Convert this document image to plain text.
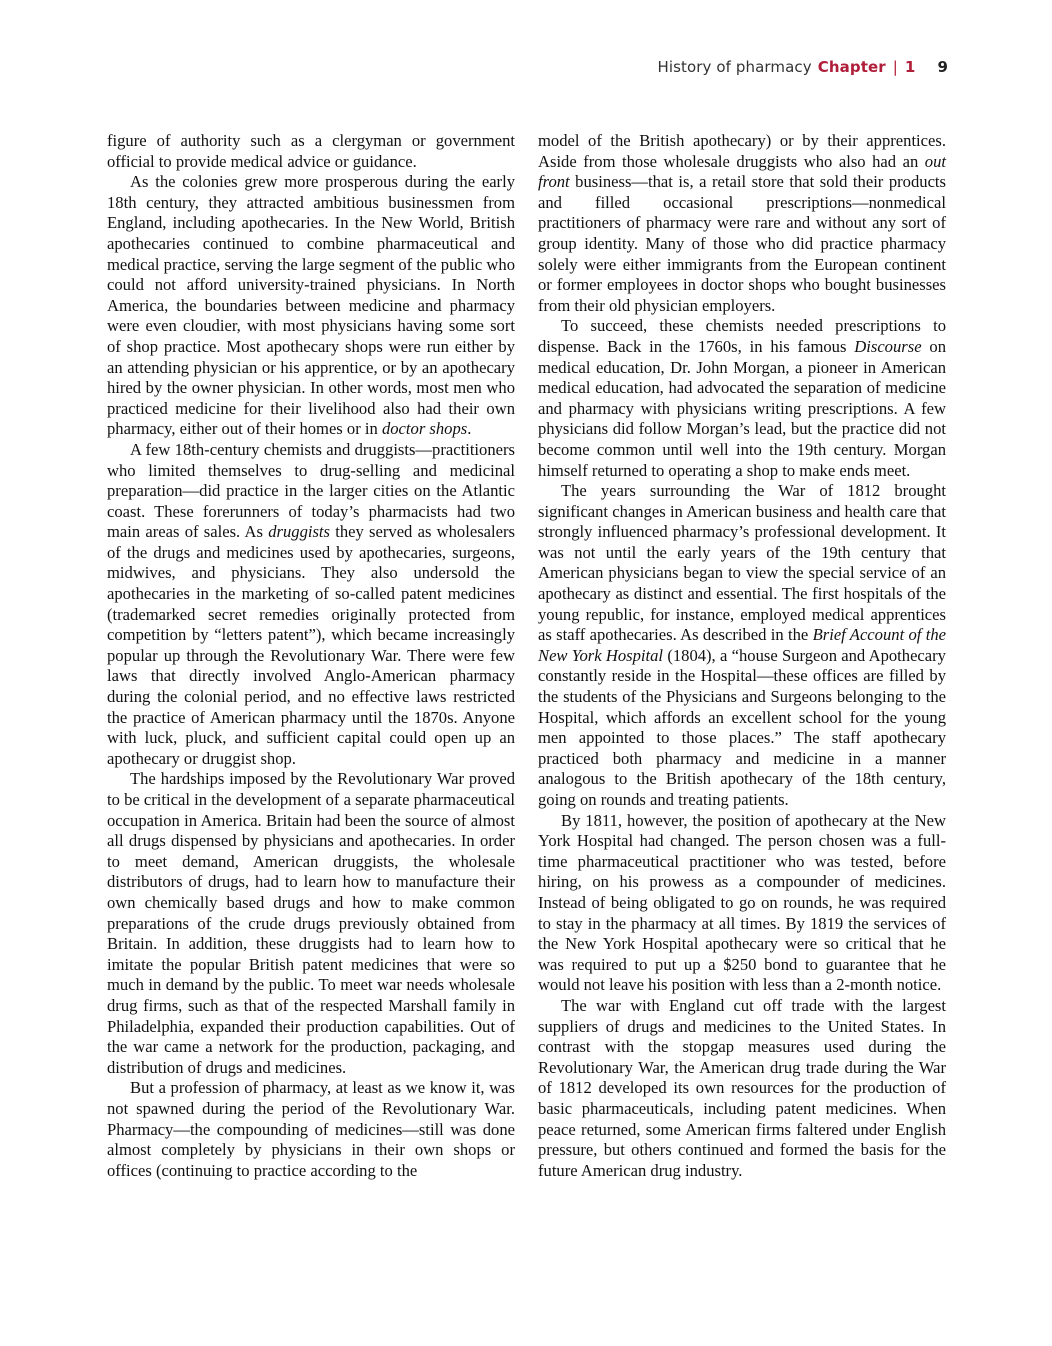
History of pharmacy Chapter | 1 9

figure of authority such as a clergyman or government official to provide medical advice or guidance.

As the colonies grew more prosperous during the early 18th century, they attracted ambitious businessmen from England, including apothecaries. In the New World, British apothecaries continued to combine pharmaceutical and medical practice, serving the large segment of the public who could not afford university-trained physicians. In North America, the boundaries between medicine and pharmacy were even cloudier, with most physicians having some sort of shop practice. Most apothecary shops were run either by an attending physician or his apprentice, or by an apothecary hired by the owner physician. In other words, most men who practiced medicine for their livelihood also had their own pharmacy, either out of their homes or in doctor shops.

A few 18th-century chemists and druggists—practitioners who limited themselves to drug-selling and medicinal preparation—did practice in the larger cities on the Atlantic coast. These forerunners of today’s pharmacists had two main areas of sales. As druggists they served as wholesalers of the drugs and medicines used by apothecaries, surgeons, midwives, and physicians. They also undersold the apothecaries in the marketing of so-called patent medicines (trademarked secret remedies originally protected from competition by “letters patent”), which became increasingly popular up through the Revolutionary War. There were few laws that directly involved Anglo-American pharmacy during the colonial period, and no effective laws restricted the practice of American pharmacy until the 1870s. Anyone with luck, pluck, and sufficient capital could open up an apothecary or druggist shop.

The hardships imposed by the Revolutionary War proved to be critical in the development of a separate pharmaceutical occupation in America. Britain had been the source of almost all drugs dispensed by physicians and apothecaries. In order to meet demand, American druggists, the wholesale distributors of drugs, had to learn how to manufacture their own chemically based drugs and how to make common preparations of the crude drugs previously obtained from Britain. In addition, these druggists had to learn how to imitate the popular British patent medicines that were so much in demand by the public. To meet war needs wholesale drug firms, such as that of the respected Marshall family in Philadelphia, expanded their production capabilities. Out of the war came a network for the production, packaging, and distribution of drugs and medicines.

But a profession of pharmacy, at least as we know it, was not spawned during the period of the Revolutionary War. Pharmacy—the compounding of medicines—still was done almost completely by physicians in their own shops or offices (continuing to practice according to the

model of the British apothecary) or by their apprentices. Aside from those wholesale druggists who also had an out front business—that is, a retail store that sold their products and filled occasional prescriptions—nonmedical practitioners of pharmacy were rare and without any sort of group identity. Many of those who did practice pharmacy solely were either immigrants from the European continent or former employees in doctor shops who bought businesses from their old physician employers.

To succeed, these chemists needed prescriptions to dispense. Back in the 1760s, in his famous Discourse on medical education, Dr. John Morgan, a pioneer in American medical education, had advocated the separation of medicine and pharmacy with physicians writing prescriptions. A few physicians did follow Morgan’s lead, but the practice did not become common until well into the 19th century. Morgan himself returned to operating a shop to make ends meet.

The years surrounding the War of 1812 brought significant changes in American business and health care that strongly influenced pharmacy’s professional development. It was not until the early years of the 19th century that American physicians began to view the special service of an apothecary as distinct and essential. The first hospitals of the young republic, for instance, employed medical apprentices as staff apothecaries. As described in the Brief Account of the New York Hospital (1804), a “house Surgeon and Apothecary constantly reside in the Hospital—these offices are filled by the students of the Physicians and Surgeons belonging to the Hospital, which affords an excellent school for the young men appointed to those places.” The staff apothecary practiced both pharmacy and medicine in a manner analogous to the British apothecary of the 18th century, going on rounds and treating patients.

By 1811, however, the position of apothecary at the New York Hospital had changed. The person chosen was a full-time pharmaceutical practitioner who was tested, before hiring, on his prowess as a compounder of medicines. Instead of being obligated to go on rounds, he was required to stay in the pharmacy at all times. By 1819 the services of the New York Hospital apothecary were so critical that he was required to put up a $250 bond to guarantee that he would not leave his position with less than a 2-month notice.

The war with England cut off trade with the largest suppliers of drugs and medicines to the United States. In contrast with the stopgap measures used during the Revolutionary War, the American drug trade during the War of 1812 developed its own resources for the production of basic pharmaceuticals, including patent medicines. When peace returned, some American firms faltered under English pressure, but others continued and formed the basis for the future American drug industry.
